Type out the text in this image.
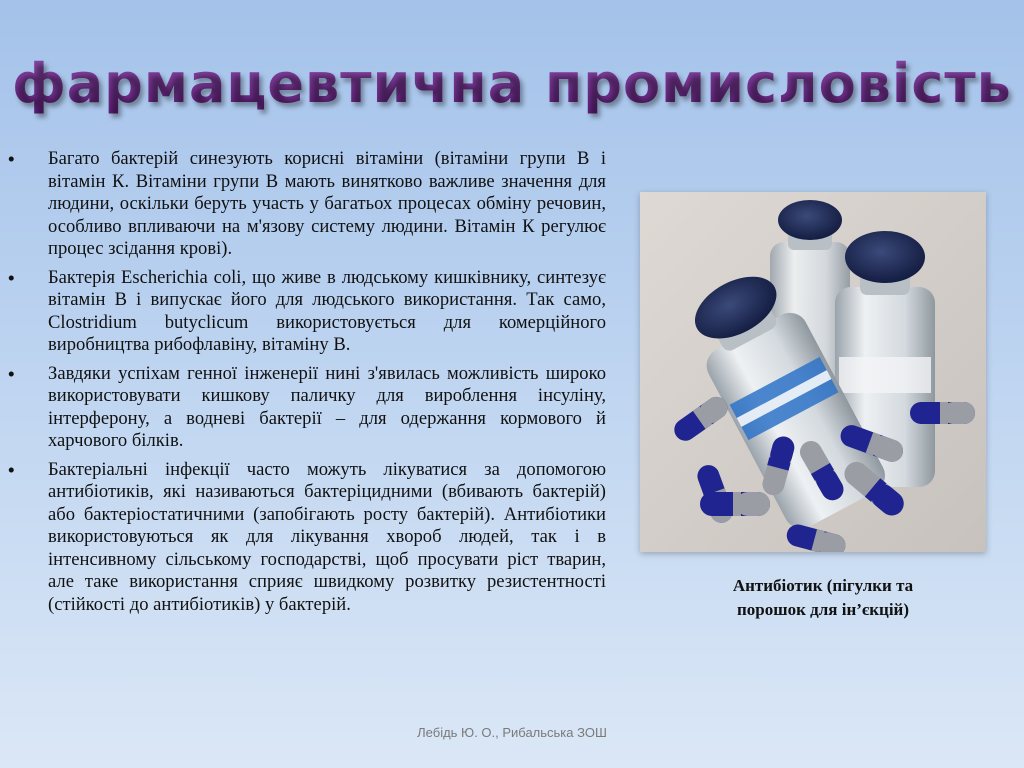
фармацевтична промисловість
• Багато бактерій синезують корисні вітаміни (вітаміни групи В і вітамін К. Вітаміни групи В мають винятково важливе значення для людини, оскільки беруть участь у багатьох процесах обміну речовин, особливо впливаючи на м'язову систему людини. Вітамін К регулює процес зсідання крові).
• Бактерія Escherichia coli, що живе в людському кишківнику, синтезує вітамін В і випускає його для людського використання. Так само, Clostridium butyclicum використовується для комерційного виробництва рибофлавіну, вітаміну В.
• Завдяки успіхам генної інженерії нині з'явилась можливість широко використовувати кишкову паличку для вироблення інсуліну, інтерферону, а водневі бактерії – для одержання кормового й харчового білків.
• Бактеріальні інфекції часто можуть лікуватися за допомогою антибіотиків, які називаються бактеріцидними (вбивають бактерій) або бактеріостатичними (запобігають росту бактерій). Антибіотики використовуються як для лікування хвороб людей, так і в інтенсивному сільському господарстві, щоб просувати ріст тварин, але таке використання сприяє швидкому розвитку резистентності (стійкості до антибіотиків) у бактерій.
Антибіотик (пігулки та
порошок для ін’єкцій)
Лебідь Ю. О., Рибальська ЗОШ
